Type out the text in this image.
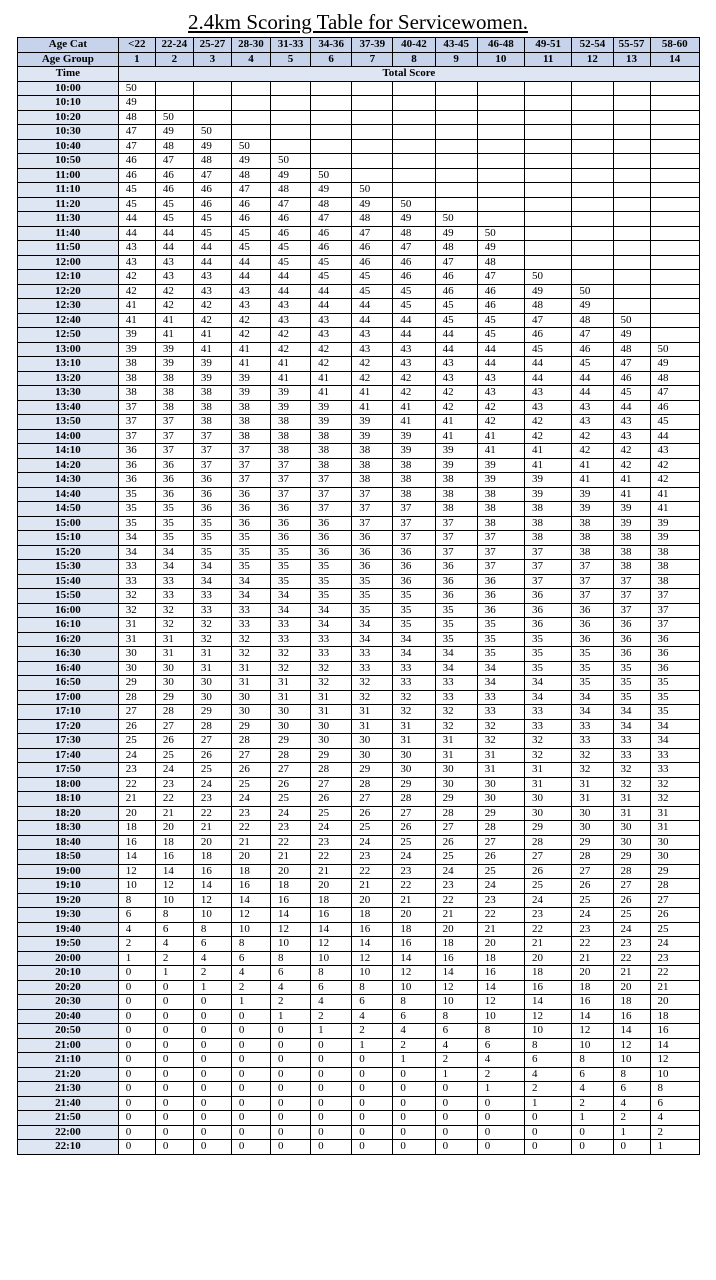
2.4km Scoring Table for Servicewomen.
Age Cat	<22	22-24	25-27	28-30	31-33	34-36	37-39	40-42	43-45	46-48	49-51	52-54	55-57	58-60
Age Group	1	2	3	4	5	6	7	8	9	10	11	12	13	14
Time	Total Score													
10:00	50													
10:10	49													
10:20	48	50												
10:30	47	49	50											
10:40	47	48	49	50										
10:50	46	47	48	49	50									
11:00	46	46	47	48	49	50								
11:10	45	46	46	47	48	49	50							
11:20	45	45	46	46	47	48	49	50						
11:30	44	45	45	46	46	47	48	49	50					
11:40	44	44	45	45	46	46	47	48	49	50				
11:50	43	44	44	45	45	46	46	47	48	49				
12:00	43	43	44	44	45	45	46	46	47	48				
12:10	42	43	43	44	44	45	45	46	46	47	50			
12:20	42	42	43	43	44	44	45	45	46	46	49	50		
12:30	41	42	42	43	43	44	44	45	45	46	48	49		
12:40	41	41	42	42	43	43	44	44	45	45	47	48	50	
12:50	39	41	41	42	42	43	43	44	44	45	46	47	49	
13:00	39	39	41	41	42	42	43	43	44	44	45	46	48	50
13:10	38	39	39	41	41	42	42	43	43	44	44	45	47	49
13:20	38	38	39	39	41	41	42	42	43	43	44	44	46	48
13:30	38	38	38	39	39	41	41	42	42	43	43	44	45	47
13:40	37	38	38	38	39	39	41	41	42	42	43	43	44	46
13:50	37	37	38	38	38	39	39	41	41	42	42	43	43	45
14:00	37	37	37	38	38	38	39	39	41	41	42	42	43	44
14:10	36	37	37	37	38	38	38	39	39	41	41	42	42	43
14:20	36	36	37	37	37	38	38	38	39	39	41	41	42	42
14:30	36	36	36	37	37	37	38	38	38	39	39	41	41	42
14:40	35	36	36	36	37	37	37	38	38	38	39	39	41	41
14:50	35	35	36	36	36	37	37	37	38	38	38	39	39	41
15:00	35	35	35	36	36	36	37	37	37	38	38	38	39	39
15:10	34	35	35	35	36	36	36	37	37	37	38	38	38	39
15:20	34	34	35	35	35	36	36	36	37	37	37	38	38	38
15:30	33	34	34	35	35	35	36	36	36	37	37	37	38	38
15:40	33	33	34	34	35	35	35	36	36	36	37	37	37	38
15:50	32	33	33	34	34	35	35	35	36	36	36	37	37	37
16:00	32	32	33	33	34	34	35	35	35	36	36	36	37	37
16:10	31	32	32	33	33	34	34	35	35	35	36	36	36	37
16:20	31	31	32	32	33	33	34	34	35	35	35	36	36	36
16:30	30	31	31	32	32	33	33	34	34	35	35	35	36	36
16:40	30	30	31	31	32	32	33	33	34	34	35	35	35	36
16:50	29	30	30	31	31	32	32	33	33	34	34	35	35	35
17:00	28	29	30	30	31	31	32	32	33	33	34	34	35	35
17:10	27	28	29	30	30	31	31	32	32	33	33	34	34	35
17:20	26	27	28	29	30	30	31	31	32	32	33	33	34	34
17:30	25	26	27	28	29	30	30	31	31	32	32	33	33	34
17:40	24	25	26	27	28	29	30	30	31	31	32	32	33	33
17:50	23	24	25	26	27	28	29	30	30	31	31	32	32	33
18:00	22	23	24	25	26	27	28	29	30	30	31	31	32	32
18:10	21	22	23	24	25	26	27	28	29	30	30	31	31	32
18:20	20	21	22	23	24	25	26	27	28	29	30	30	31	31
18:30	18	20	21	22	23	24	25	26	27	28	29	30	30	31
18:40	16	18	20	21	22	23	24	25	26	27	28	29	30	30
18:50	14	16	18	20	21	22	23	24	25	26	27	28	29	30
19:00	12	14	16	18	20	21	22	23	24	25	26	27	28	29
19:10	10	12	14	16	18	20	21	22	23	24	25	26	27	28
19:20	8	10	12	14	16	18	20	21	22	23	24	25	26	27
19:30	6	8	10	12	14	16	18	20	21	22	23	24	25	26
19:40	4	6	8	10	12	14	16	18	20	21	22	23	24	25
19:50	2	4	6	8	10	12	14	16	18	20	21	22	23	24
20:00	1	2	4	6	8	10	12	14	16	18	20	21	22	23
20:10	0	1	2	4	6	8	10	12	14	16	18	20	21	22
20:20	0	0	1	2	4	6	8	10	12	14	16	18	20	21
20:30	0	0	0	1	2	4	6	8	10	12	14	16	18	20
20:40	0	0	0	0	1	2	4	6	8	10	12	14	16	18
20:50	0	0	0	0	0	1	2	4	6	8	10	12	14	16
21:00	0	0	0	0	0	0	1	2	4	6	8	10	12	14
21:10	0	0	0	0	0	0	0	1	2	4	6	8	10	12
21:20	0	0	0	0	0	0	0	0	1	2	4	6	8	10
21:30	0	0	0	0	0	0	0	0	0	1	2	4	6	8
21:40	0	0	0	0	0	0	0	0	0	0	1	2	4	6
21:50	0	0	0	0	0	0	0	0	0	0	0	1	2	4
22:00	0	0	0	0	0	0	0	0	0	0	0	0	1	2
22:10	0	0	0	0	0	0	0	0	0	0	0	0	0	1
